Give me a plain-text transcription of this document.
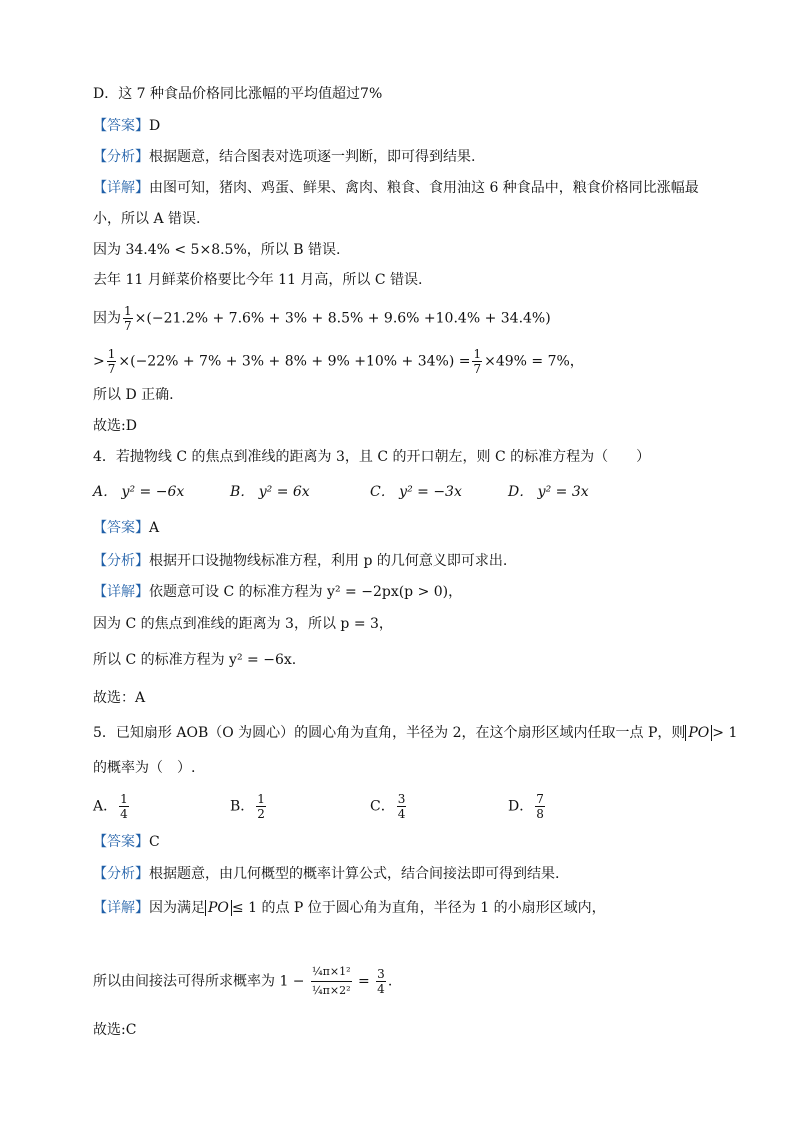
D．这 7 种食品价格同比涨幅的平均值超过7%
【答案】D
【分析】根据题意，结合图表对选项逐一判断，即可得到结果.
【详解】由图可知，猪肉、鸡蛋、鲜果、禽肉、粮食、食用油这 6 种食品中，粮食价格同比涨幅最
小，所以 A 错误.
因为 34.4% < 5×8.5%，所以 B 错误.
去年 11 月鲜菜价格要比今年 11 月高，所以 C 错误.
因为 $\frac{1}{7} \times(-21.2\% + 7.6\% + 3\% + 8.5\% + 9.6\% +10.4\% + 34.4\%)$
> $\frac{1}{7} \times(-22\% + 7\% + 3\% + 8\% + 9\% +10\% + 34\%) = \frac{1}{7} \times 49\% = 7\%$，
所以 D 正确.
故选:D
4．若抛物线 C 的焦点到准线的距离为 3，且 C 的开口朝左，则 C 的标准方程为（　　）
A． y² = −6x	B． y² = 6x	C． y² = −3x	D． y² = 3x
【答案】A
【分析】根据开口设抛物线标准方程，利用 p 的几何意义即可求出.
【详解】依题意可设 C 的标准方程为 y² = −2px(p > 0)，
因为 C 的焦点到准线的距离为 3，所以 p = 3，
所以 C 的标准方程为 y² = −6x.
故选：A
5．已知扇形 AOB（O 为圆心）的圆心角为直角，半径为 2，在这个扇形区域内任取一点 P，则 PO > 1
的概率为（　）.
A． $\frac{1}{4}$	B． $\frac{1}{2}$	C． $\frac{3}{4}$	D． $\frac{7}{8}$
【答案】C
【分析】根据题意，由几何概型的概率计算公式，结合间接法即可得到结果.
【详解】因为满足 PO ≤ 1 的点 P 位于圆心角为直角，半径为 1 的小扇形区域内，
所以由间接法可得所求概率为 $1 - \frac{\text{¼π×1²}}{\text{¼π×2²}} = \frac{3}{4}$ .
故选:C
